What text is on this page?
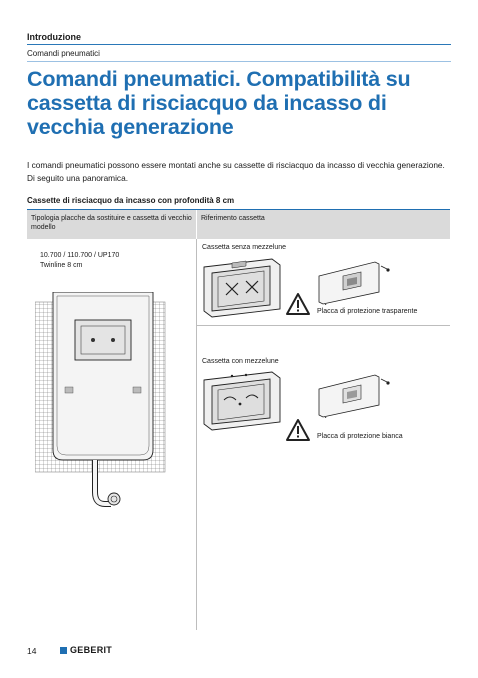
Introduzione
Comandi pneumatici
Comandi pneumatici. Compatibilità su cassetta di risciacquo da incasso di vecchia generazione
I comandi pneumatici possono essere montati anche su cassette di risciacquo da incasso di vecchia generazione. Di seguito una panoramica.
Cassette di risciacquo da incasso con profondità 8 cm
Tipologia placche da sostituire e cassetta di vecchio modello
Riferimento cassetta
10.700 / 110.700 / UP170
Twinline 8 cm
Cassetta senza mezzelune
Placca di protezione trasparente
Cassetta con mezzelune
Placca di protezione bianca
14	GEBERIT
